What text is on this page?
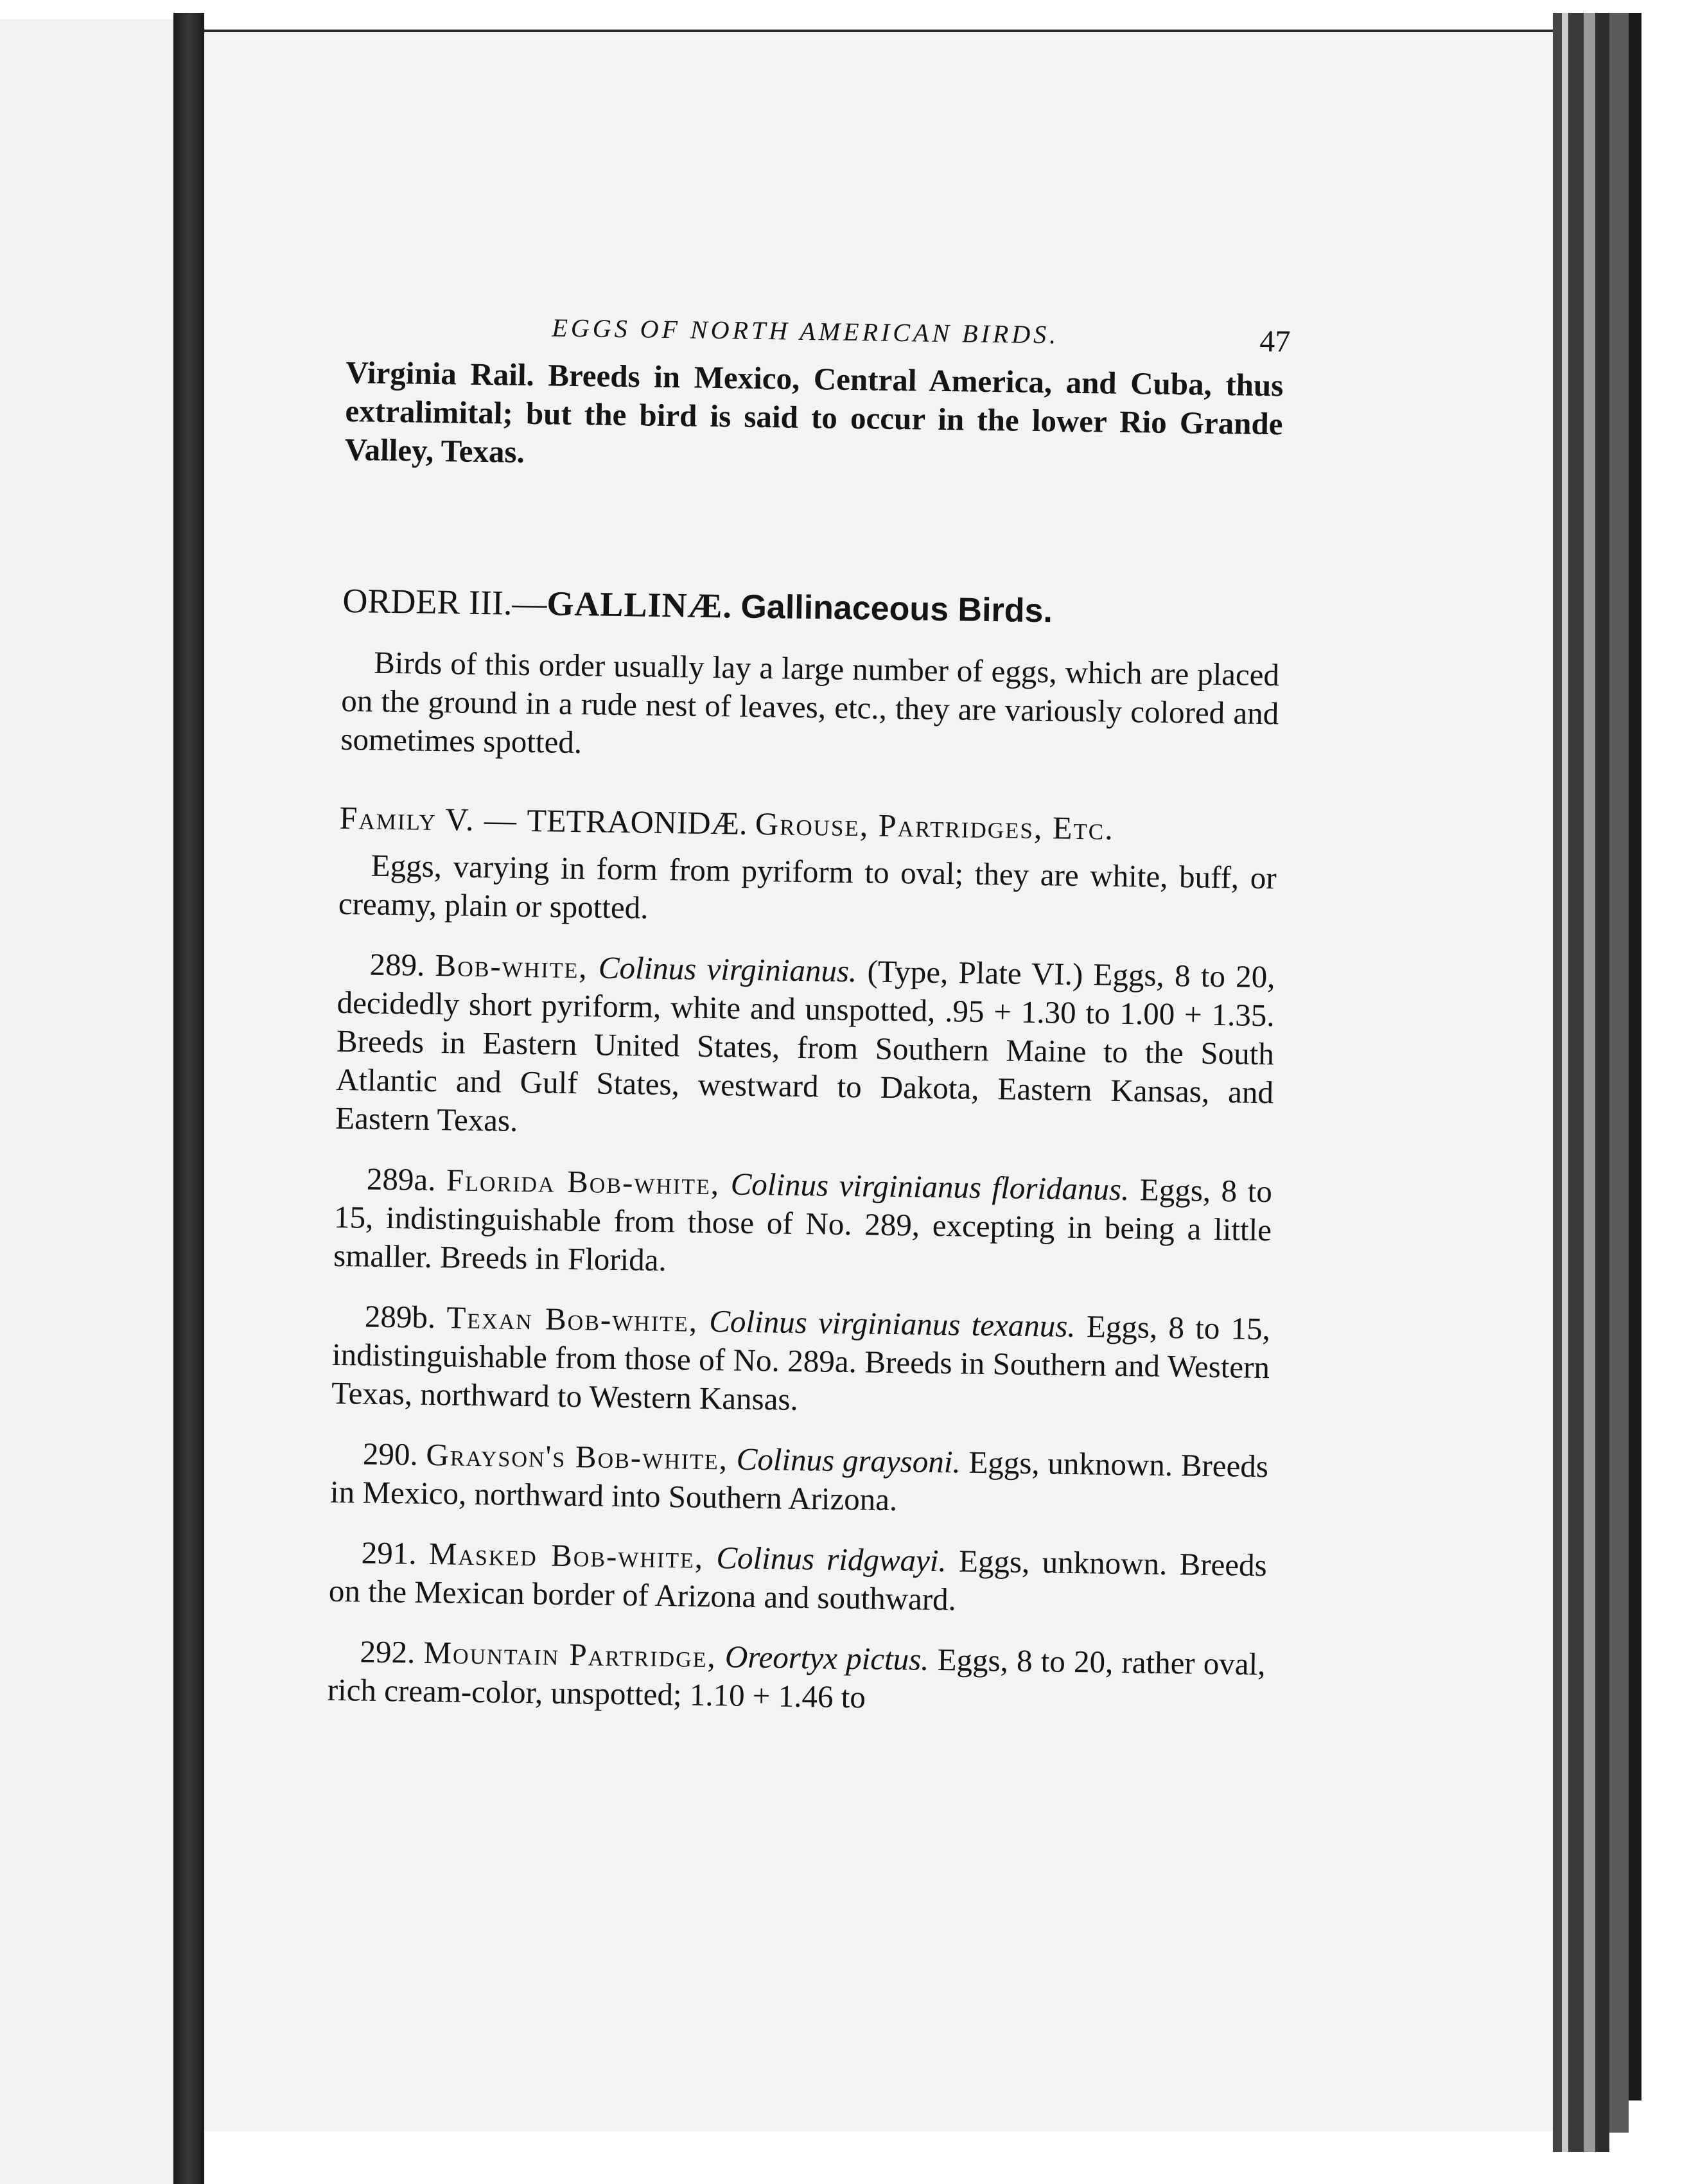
EGGS OF NORTH AMERICAN BIRDS.	47

Virginia Rail. Breeds in Mexico, Central America, and Cuba, thus extralimital; but the bird is said to occur in the lower Rio Grande Valley, Texas.

ORDER III.—GALLINÆ. Gallinaceous Birds.

Birds of this order usually lay a large number of eggs, which are placed on the ground in a rude nest of leaves, etc., they are variously colored and sometimes spotted.

Family V. — TETRAONIDÆ. Grouse, Partridges, Etc.

Eggs, varying in form from pyriform to oval; they are white, buff, or creamy, plain or spotted.

289. Bob-white, Colinus virginianus. (Type, Plate VI.) Eggs, 8 to 20, decidedly short pyriform, white and unspotted, .95 + 1.30 to 1.00 + 1.35. Breeds in Eastern United States, from Southern Maine to the South Atlantic and Gulf States, westward to Dakota, Eastern Kansas, and Eastern Texas.

289a. Florida Bob-white, Colinus virginianus floridanus. Eggs, 8 to 15, indistinguishable from those of No. 289, excepting in being a little smaller. Breeds in Florida.

289b. Texan Bob-white, Colinus virginianus texanus. Eggs, 8 to 15, indistinguishable from those of No. 289a. Breeds in Southern and Western Texas, northward to Western Kansas.

290. Grayson's Bob-white, Colinus graysoni. Eggs, unknown. Breeds in Mexico, northward into Southern Arizona.

291. Masked Bob-white, Colinus ridgwayi. Eggs, unknown. Breeds on the Mexican border of Arizona and southward.

292. Mountain Partridge, Oreortyx pictus. Eggs, 8 to 20, rather oval, rich cream-color, unspotted; 1.10 + 1.46 to
